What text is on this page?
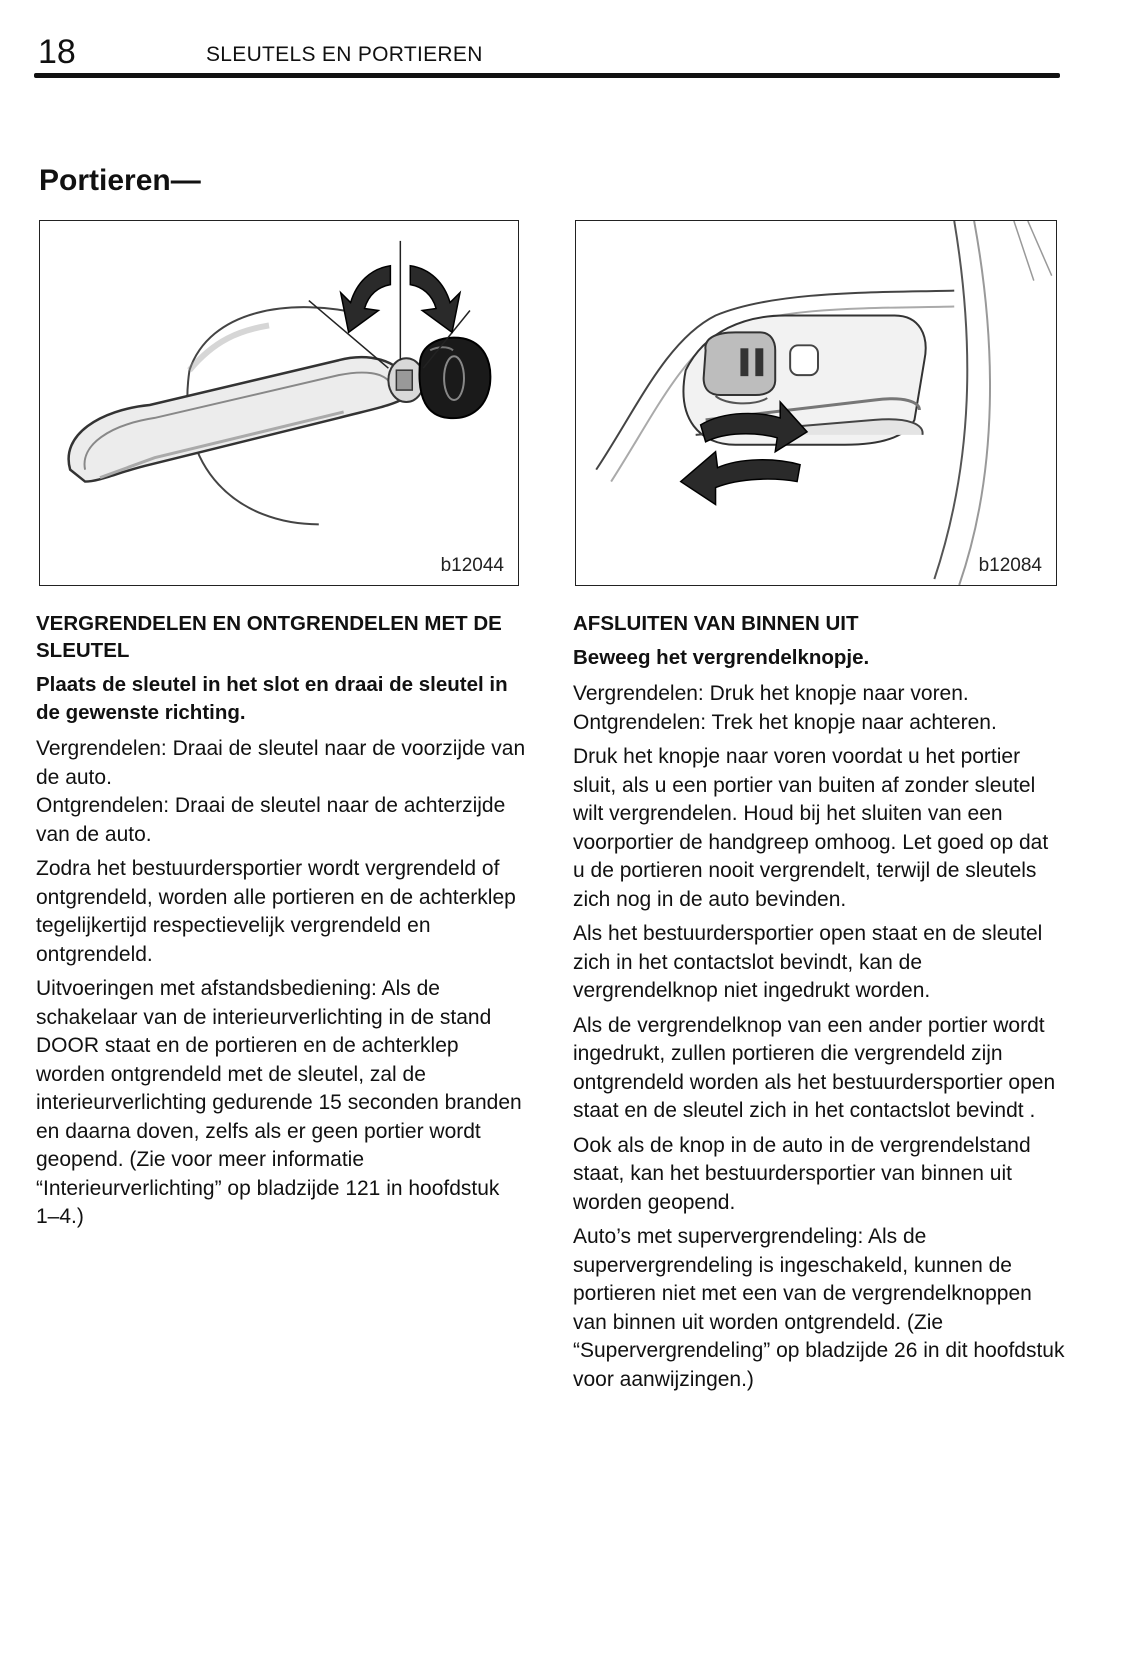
18	SLEUTELS EN PORTIEREN
Portieren—
b12044	b12084
VERGRENDELEN EN ONTGRENDELEN MET DE SLEUTEL
Plaats de sleutel in het slot en draai de sleutel in de gewenste richting.

Vergrendelen: Draai de sleutel naar de voorzijde van de auto.

Ontgrendelen: Draai de sleutel naar de achterzijde van de auto.

Zodra het bestuurdersportier wordt vergrendeld of ontgrendeld, worden alle portieren en de achterklep tegelijkertijd respectievelijk vergrendeld en ontgrendeld.

Uitvoeringen met afstandsbediening: Als de schakelaar van de interieurverlichting in de stand DOOR staat en de portieren en de achterklep worden ontgrendeld met de sleutel, zal de interieurverlichting gedurende 15 seconden branden en daarna doven, zelfs als er geen portier wordt geopend. (Zie voor meer informatie “Interieurverlichting” op bladzijde 121 in hoofdstuk 1–4.)

AFSLUITEN VAN BINNEN UIT
Beweeg het vergrendelknopje.

Vergrendelen: Druk het knopje naar voren.

Ontgrendelen: Trek het knopje naar achteren.

Druk het knopje naar voren voordat u het portier sluit, als u een portier van buiten af zonder sleutel wilt vergrendelen. Houd bij het sluiten van een voorportier de handgreep omhoog. Let goed op dat u de portieren nooit vergrendelt, terwijl de sleutels zich nog in de auto bevinden.

Als het bestuurdersportier open staat en de sleutel zich in het contactslot bevindt, kan de vergrendelknop niet ingedrukt worden.

Als de vergrendelknop van een ander portier wordt ingedrukt, zullen portieren die vergrendeld zijn ontgrendeld worden als het bestuurdersportier open staat en de sleutel zich in het contactslot bevindt .

Ook als de knop in de auto in de vergrendelstand staat, kan het bestuurdersportier van binnen uit worden geopend.

Auto’s met supervergrendeling: Als de supervergrendeling is ingeschakeld, kunnen de portieren niet met een van de vergrendelknoppen van binnen uit worden ontgrendeld. (Zie “Supervergrendeling” op bladzijde 26 in dit hoofdstuk voor aanwijzingen.)
